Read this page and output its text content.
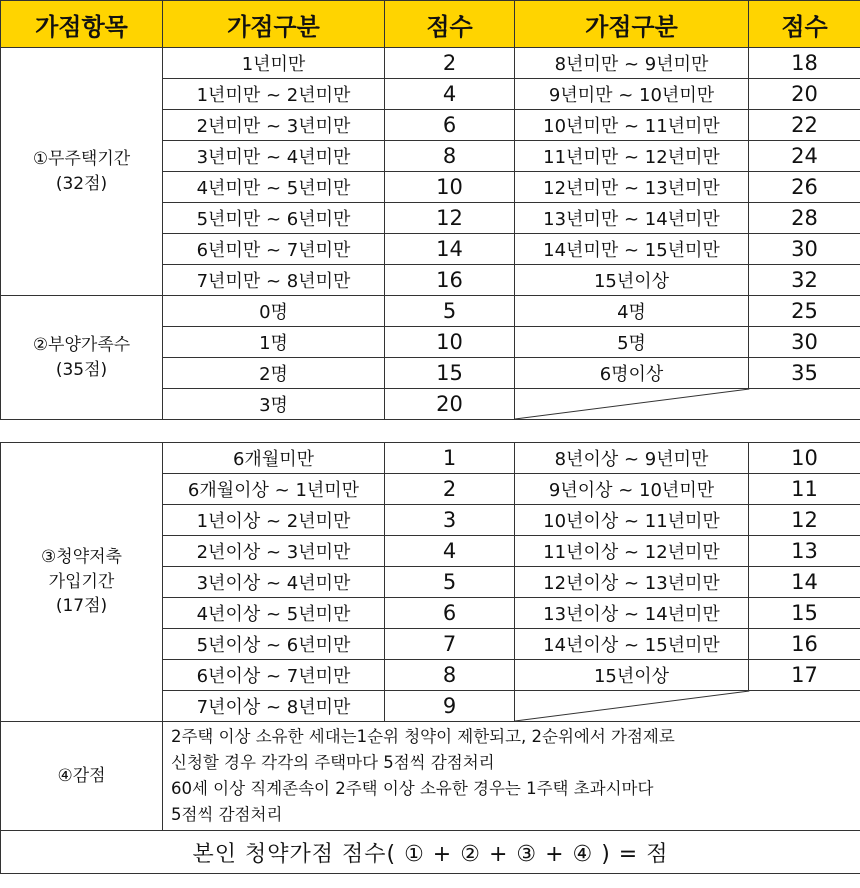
가점항목	가점구분	점수	가점구분	점수

①무주택기간
(32점)	1년미만	2	8년미만 ~ 9년미만	18
	1년미만 ~ 2년미만	4	9년미만 ~ 10년미만	20
	2년미만 ~ 3년미만	6	10년미만 ~ 11년미만	22
	3년미만 ~ 4년미만	8	11년미만 ~ 12년미만	24
	4년미만 ~ 5년미만	10	12년미만 ~ 13년미만	26
	5년미만 ~ 6년미만	12	13년미만 ~ 14년미만	28
	6년미만 ~ 7년미만	14	14년미만 ~ 15년미만	30
	7년미만 ~ 8년미만	16	15년이상	32

②부양가족수
(35점)	0명	5	4명	25
	1명	10	5명	30
	2명	15	6명이상	35
	3명	20	

③청약저축
가입기간
(17점)	6개월미만	1	8년이상 ~ 9년미만	10
	6개월이상 ~ 1년미만	2	9년이상 ~ 10년미만	11
	1년이상 ~ 2년미만	3	10년이상 ~ 11년미만	12
	2년이상 ~ 3년미만	4	11년이상 ~ 12년미만	13
	3년이상 ~ 4년미만	5	12년이상 ~ 13년미만	14
	4년이상 ~ 5년미만	6	13년이상 ~ 14년미만	15
	5년이상 ~ 6년미만	7	14년이상 ~ 15년미만	16
	6년이상 ~ 7년미만	8	15년이상	17
	7년이상 ~ 8년미만	9	

④감점	2주택 이상 소유한 세대는1순위 청약이 제한되고, 2순위에서 가점제로
신청할 경우 각각의 주택마다 5점씩 감점처리
60세 이상 직계존속이 2주택 이상 소유한 경우는 1주택 초과시마다
5점씩 감점처리			

본인 청약가점 점수( ① + ② + ③ + ④ ) = 점				
